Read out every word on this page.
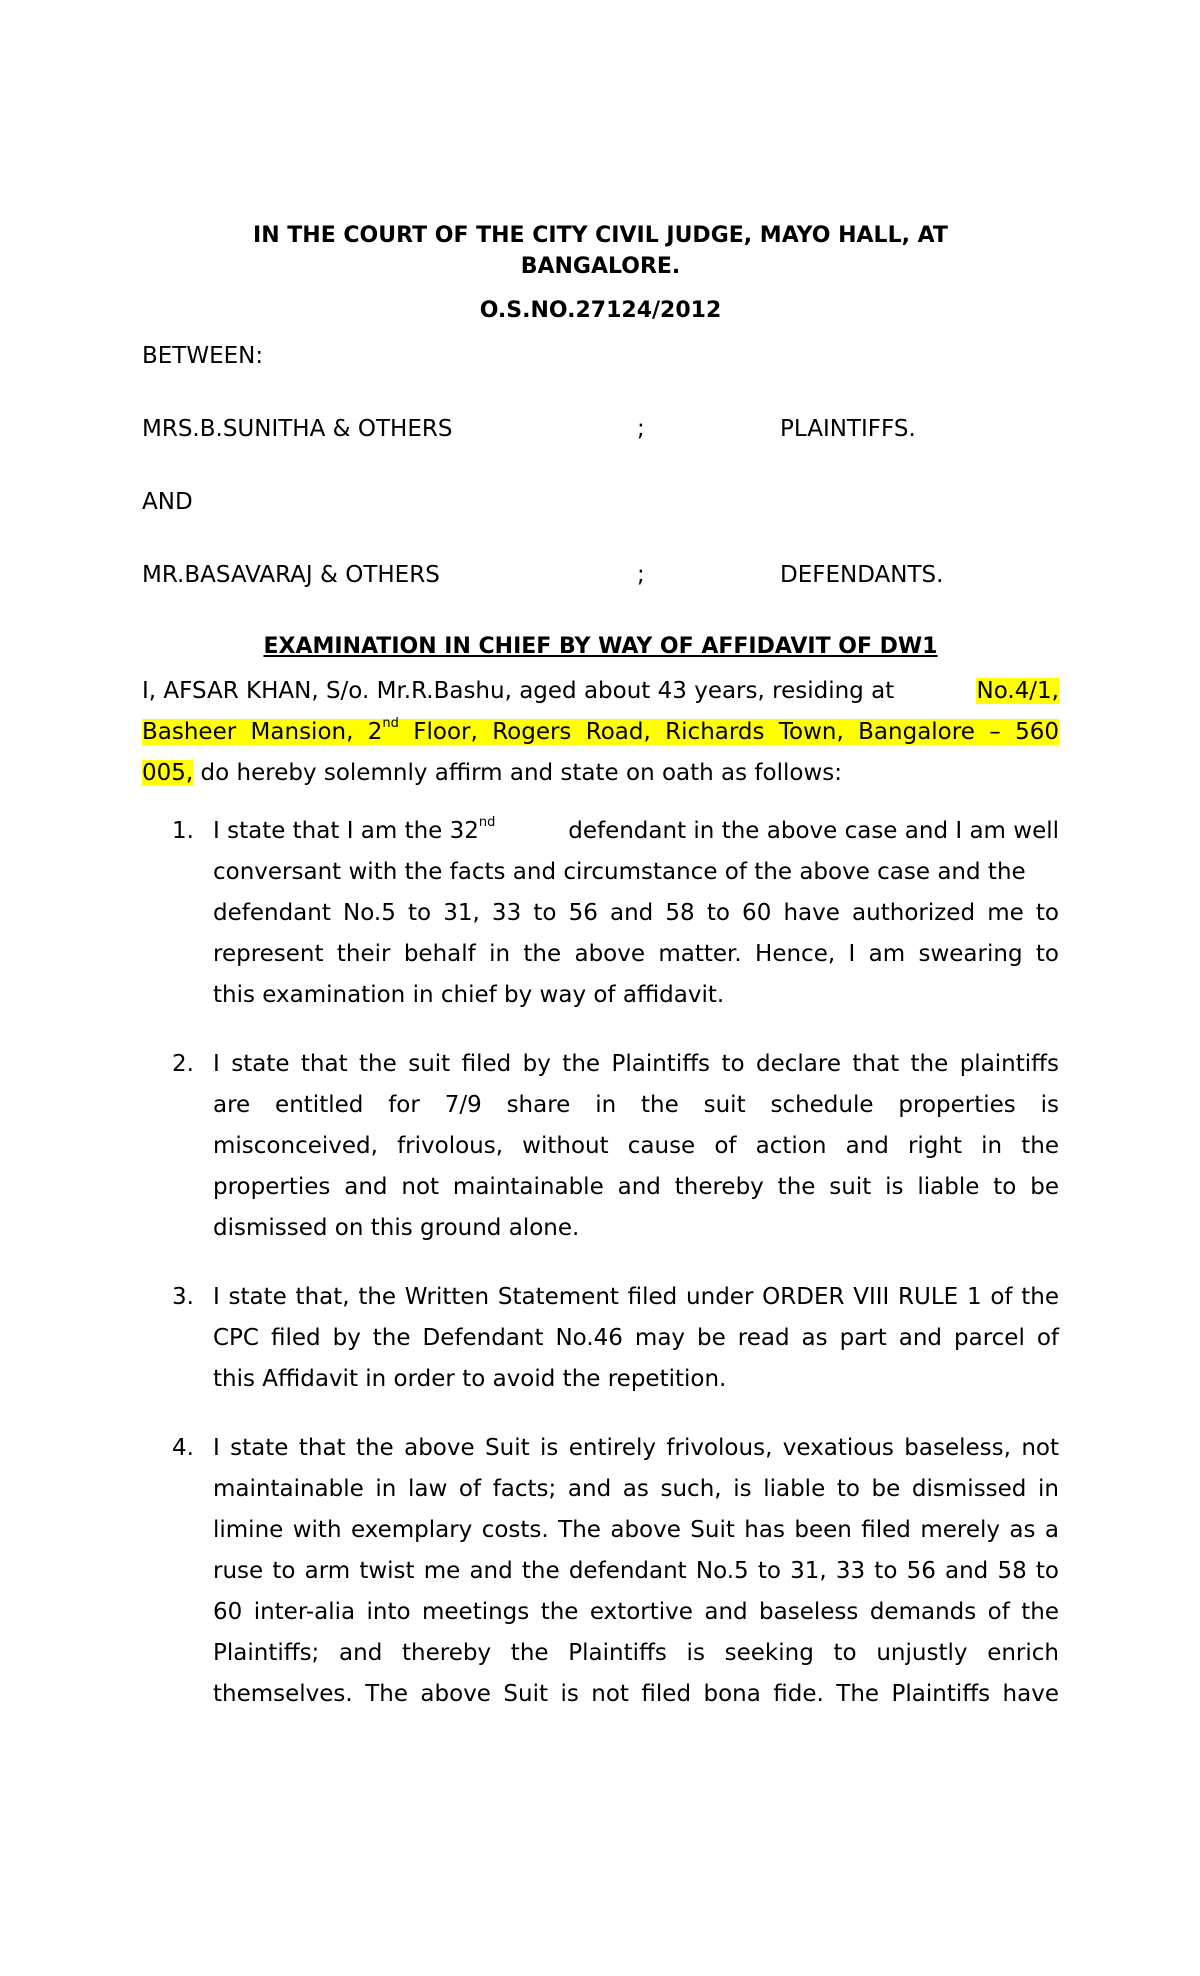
IN THE COURT OF THE CITY CIVIL JUDGE, MAYO HALL, AT
BANGALORE.
O.S.NO.27124/2012
BETWEEN:
MRS.B.SUNITHA & OTHERS	;	PLAINTIFFS.
AND
MR.BASAVARAJ & OTHERS	;	DEFENDANTS.
EXAMINATION IN CHIEF BY WAY OF AFFIDAVIT OF DW1
I, AFSAR KHAN, S/o. Mr.R.Bashu, aged about 43 years, residing at	No.4/1,
Basheer Mansion, 2nd Floor, Rogers Road, Richards Town, Bangalore – 560
005, do hereby solemnly affirm and state on oath as follows:
1. I state that I am the 32nd	defendant in the above case and I am well
conversant with the facts and circumstance of the above case and the
defendant No.5 to 31, 33 to 56 and 58 to 60 have authorized me to
represent their behalf in the above matter. Hence, I am swearing to
this examination in chief by way of affidavit.
2. I state that the suit filed by the Plaintiffs to declare that the plaintiffs
are entitled for 7/9 share in the suit schedule properties is
misconceived, frivolous, without cause of action and right in the
properties and not maintainable and thereby the suit is liable to be
dismissed on this ground alone.
3. I state that, the Written Statement filed under ORDER VIII RULE 1 of the
CPC filed by the Defendant No.46 may be read as part and parcel of
this Affidavit in order to avoid the repetition.
4. I state that the above Suit is entirely frivolous, vexatious baseless, not
maintainable in law of facts; and as such, is liable to be dismissed in
limine with exemplary costs. The above Suit has been filed merely as a
ruse to arm twist me and the defendant No.5 to 31, 33 to 56 and 58 to
60 inter-alia into meetings the extortive and baseless demands of the
Plaintiffs; and thereby the Plaintiffs is seeking to unjustly enrich
themselves. The above Suit is not filed bona fide. The Plaintiffs have
